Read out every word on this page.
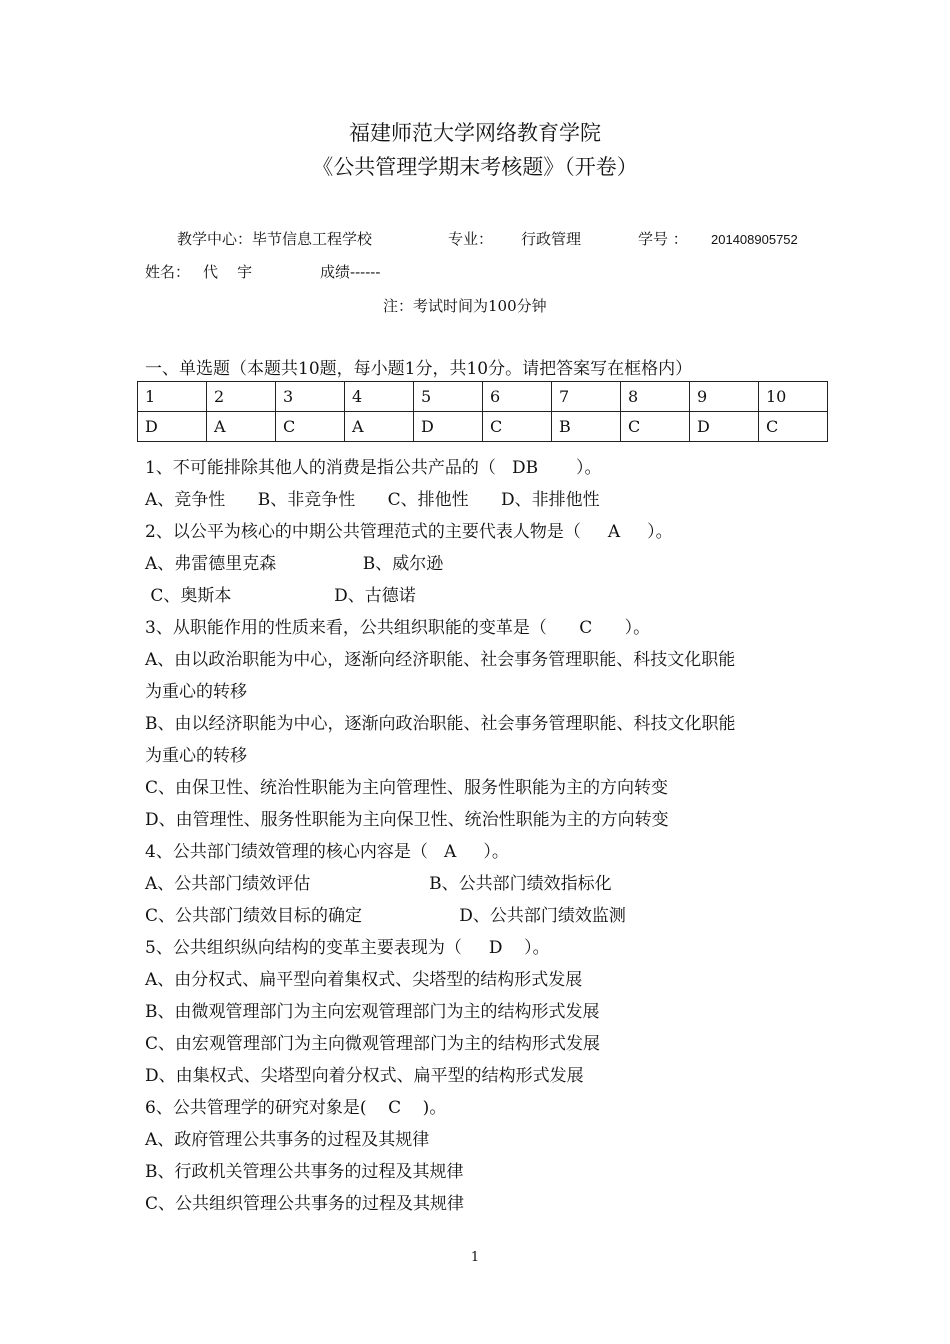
福建师范大学网络教育学院
《公共管理学期末考核题》（开卷）
教学中心：毕节信息工程学校	专业： 行政管理	学号 ： 201408905752
姓名： 代    宇	成绩------
注：考试时间为100分钟
一、单选题（本题共10题，每小题1分，共10分。请把答案写在框格内）
1	2	3	4	5	6	7	8	9	10
D	A	C	A	D	C	B	C	D	C
1、不可能排除其他人的消费是指公共产品的（   DB       ）。
A、竞争性      B、非竞争性      C、排他性      D、非排他性
2、以公平为核心的中期公共管理范式的主要代表人物是（     A     ）。
A、弗雷德里克森                B、威尔逊
C、奥斯本                   D、古德诺
3、从职能作用的性质来看，公共组织职能的变革是（      C      ）。
A、由以政治职能为中心，逐渐向经济职能、社会事务管理职能、科技文化职能
为重心的转移
B、由以经济职能为中心，逐渐向政治职能、社会事务管理职能、科技文化职能
为重心的转移
C、由保卫性、统治性职能为主向管理性、服务性职能为主的方向转变
D、由管理性、服务性职能为主向保卫性、统治性职能为主的方向转变
4、公共部门绩效管理的核心内容是（   A     ）。
A、公共部门绩效评估                      B、公共部门绩效指标化
C、公共部门绩效目标的确定                  D、公共部门绩效监测
5、公共组织纵向结构的变革主要表现为（     D    ）。
A、由分权式、扁平型向着集权式、尖塔型的结构形式发展
B、由微观管理部门为主向宏观管理部门为主的结构形式发展
C、由宏观管理部门为主向微观管理部门为主的结构形式发展
D、由集权式、尖塔型向着分权式、扁平型的结构形式发展
6、公共管理学的研究对象是(    C    )。
A、政府管理公共事务的过程及其规律
B、行政机关管理公共事务的过程及其规律
C、公共组织管理公共事务的过程及其规律
1
